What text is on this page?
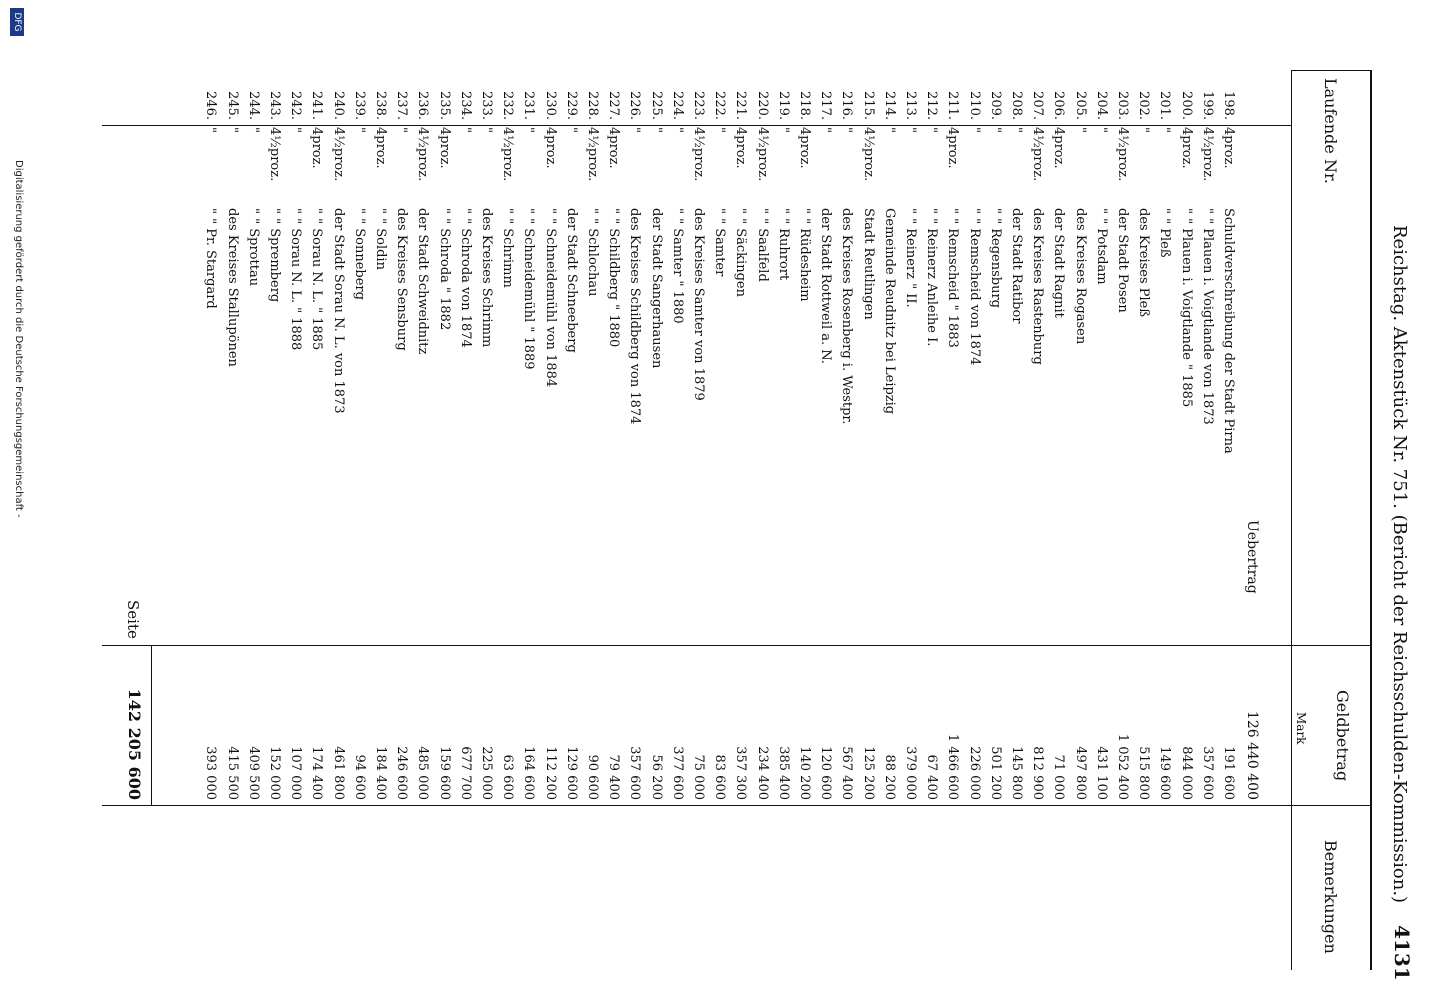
Reichstag. Aktenstück Nr. 751. (Bericht der Reichsschulden-Kommission.)
4131
Laufende Nr.
Geldbetrag
Mark
Bemerkungen
Uebertrag
126 440 400
198.
4proz.
Schuldverschreibung der Stadt Pirna
191 600
199.
4½proz.
" " Plauen i. Voigtlande von 1873
357 600
200.
4proz.
" " Plauen i. Voigtlande " 1885
844 000
201.
"
" " Pleß
149 600
202.
"
des Kreises Pleß
515 800
203.
4½proz.
der Stadt Posen
1 052 400
204.
"
" " Potsdam
431 100
205.
"
des Kreises Rogasen
497 800
206.
4proz.
der Stadt Ragnit
71 000
207.
4½proz.
des Kreises Rastenburg
812 900
208.
"
der Stadt Ratibor
145 800
209.
"
" " Regensburg
501 200
210.
"
" " Remscheid von 1874
226 000
211.
4proz.
" " Remscheid " 1883
1 466 600
212.
"
" " Reinerz Anleihe I.
67 400
213.
"
" " Reinerz " II.
379 000
214.
"
Gemeinde Reudnitz bei Leipzig
88 200
215.
4½proz.
Stadt Reutlingen
125 200
216.
"
des Kreises Rosenberg i. Westpr.
567 400
217.
"
der Stadt Rottweil a. N.
120 600
218.
4proz.
" " Rüdesheim
140 200
219.
"
" " Ruhrort
385 400
220.
4½proz.
" " Saalfeld
234 400
221.
4proz.
" " Säckingen
357 300
222.
"
" " Samter
83 600
223.
4½proz.
des Kreises Samter von 1879
75 000
224.
"
" " Samter " 1880
377 600
225.
"
der Stadt Sangerhausen
56 200
226.
"
des Kreises Schildberg von 1874
357 600
227.
4proz.
" " Schildberg " 1880
79 400
228.
4½proz.
" " Schlochau
90 600
229.
"
der Stadt Schneeberg
129 600
230.
4proz.
" " Schneidemühl von 1884
112 200
231.
"
" " Schneidemühl " 1889
164 600
232.
4½proz.
" " Schrimm
63 600
233.
"
des Kreises Schrimm
225 000
234.
"
" " Schroda von 1874
677 700
235.
4proz.
" " Schroda " 1882
159 600
236.
4½proz.
der Stadt Schweidnitz
485 000
237.
"
des Kreises Sensburg
246 600
238.
4proz.
" " Soldin
184 400
239.
"
" " Sonneberg
94 600
240.
4½proz.
der Stadt Sorau N. L. von 1873
461 800
241.
4proz.
" " Sorau N. L. " 1885
174 400
242.
"
" " Sorau N. L. " 1888
107 000
243.
4½proz.
" " Spremberg
152 000
244.
"
" " Sprottau
409 500
245.
"
des Kreises Stallupönen
415 500
246.
"
" " Pr. Stargard
393 000
Seite
142 205 600
DFG
Digitalisierung gefördert durch die Deutsche Forschungsgemeinschaft -
